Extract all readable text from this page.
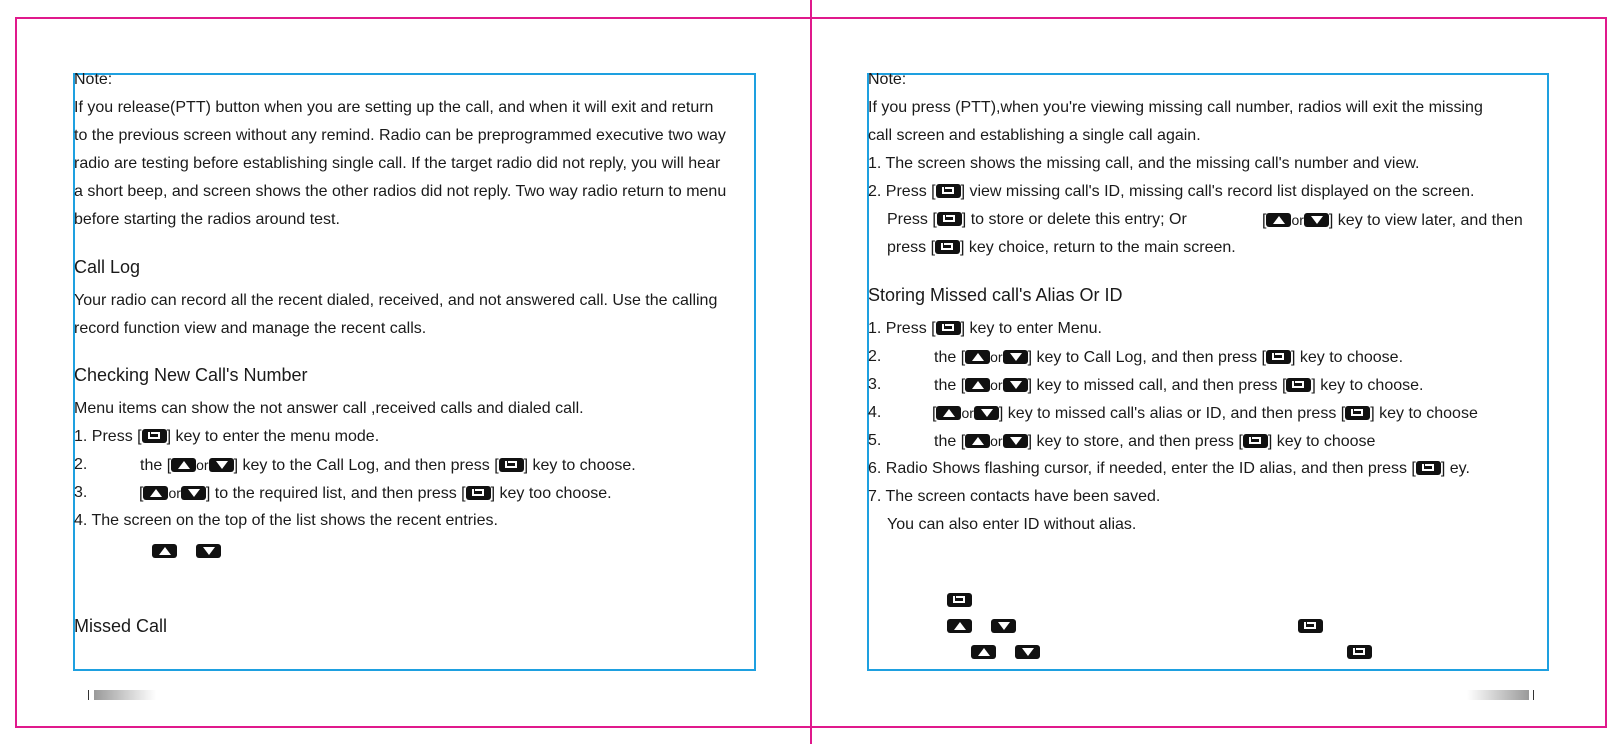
Note:
If you release(PTT) button when you are setting up the call, and when it will exit and return
to the previous screen without any remind. Radio can be preprogrammed executive two way
radio are testing before establishing single call. If the target radio did not reply, you will hear
a short beep, and screen shows the other radios did not reply. Two way radio return to menu
before starting the radios around test.
Call Log
Your radio can record all the recent dialed, received, and not answered call. Use the calling
record function view and manage the recent calls.
Checking New Call's Number
Menu items can show the not answer call ,received calls and dialed call.
1. Press [ ] key to enter the menu mode.
2.	the [ or ] key to the Call Log, and then press [ ] key to choose.
3.	[ or ] to the required list, and then press [ ] key too choose.
4. The screen on the top of the list shows the recent entries.
Missed Call
Note:
If you press (PTT),when you're viewing missing call number, radios will exit the missing
call screen and establishing a single call again.
1. The screen shows the missing call, and the missing call's number and view.
2. Press [ ] view missing call's ID, missing call's record list displayed on the screen.
Press [ ] to store or delete this entry; Or	[ or ] key to view later, and then
press [ ] key choice, return to the main screen.
Storing Missed call's Alias Or ID
1. Press [ ] key to enter Menu.
2.	the [ or ] key to Call Log, and then press [ ] key to choose.
3.	the [ or ] key to missed call, and then press [ ] key to choose.
4.	[ or ] key to missed call's alias or ID, and then press [ ] key to choose
5.	the [ or ] key to store, and then press [ ] key to choose
6. Radio Shows flashing cursor, if needed, enter the ID alias, and then press [ ] ey.
7. The screen contacts have been saved.
You can also enter ID without alias.
